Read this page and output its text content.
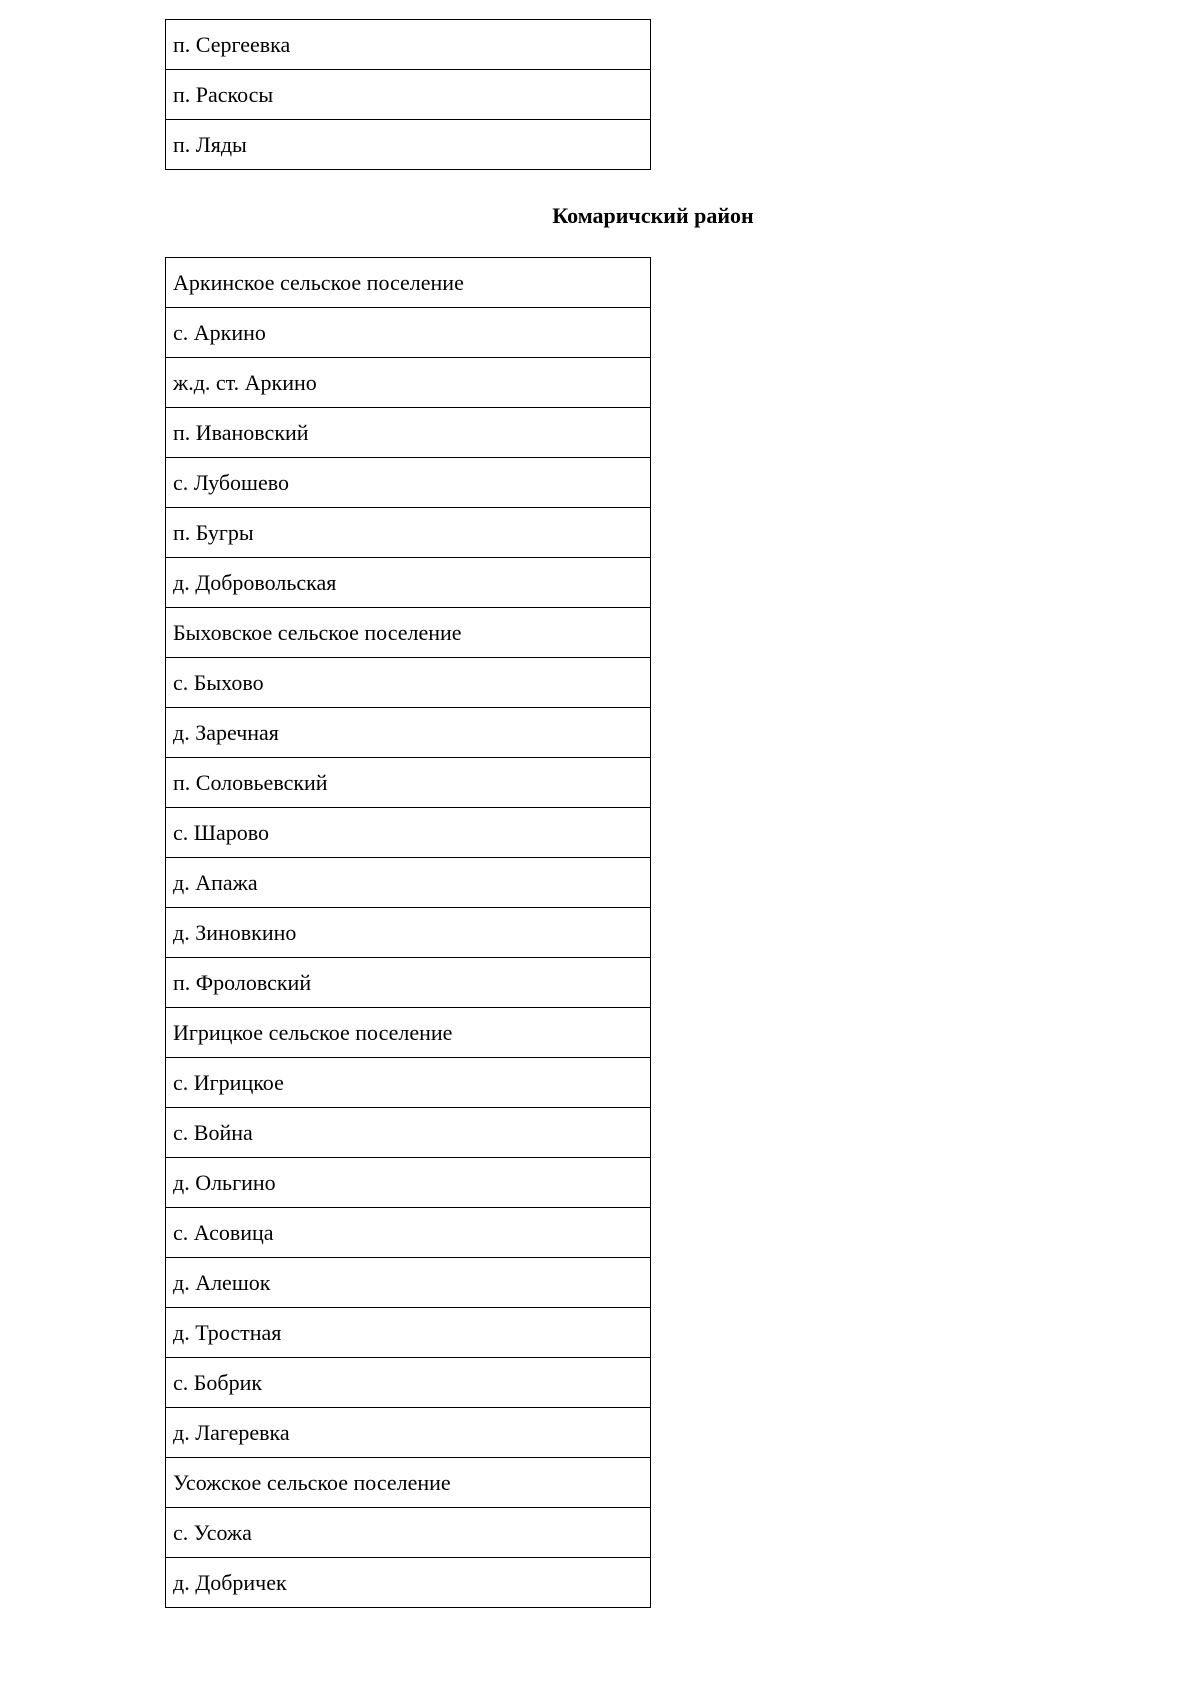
п. Сергеевка
п. Раскосы
п. Ляды
Комаричский район
Аркинское сельское поселение
с. Аркино
ж.д. ст. Аркино
п. Ивановский
с. Лубошево
п. Бугры
д. Добровольская
Быховское сельское поселение
с. Быхово
д. Заречная
п. Соловьевский
с. Шарово
д. Апажа
д. Зиновкино
п. Фроловский
Игрицкое сельское поселение
с. Игрицкое
с. Война
д. Ольгино
с. Асовица
д. Алешок
д. Тростная
с. Бобрик
д. Лагеревка
Усожское сельское поселение
с. Усожа
д. Добричек
